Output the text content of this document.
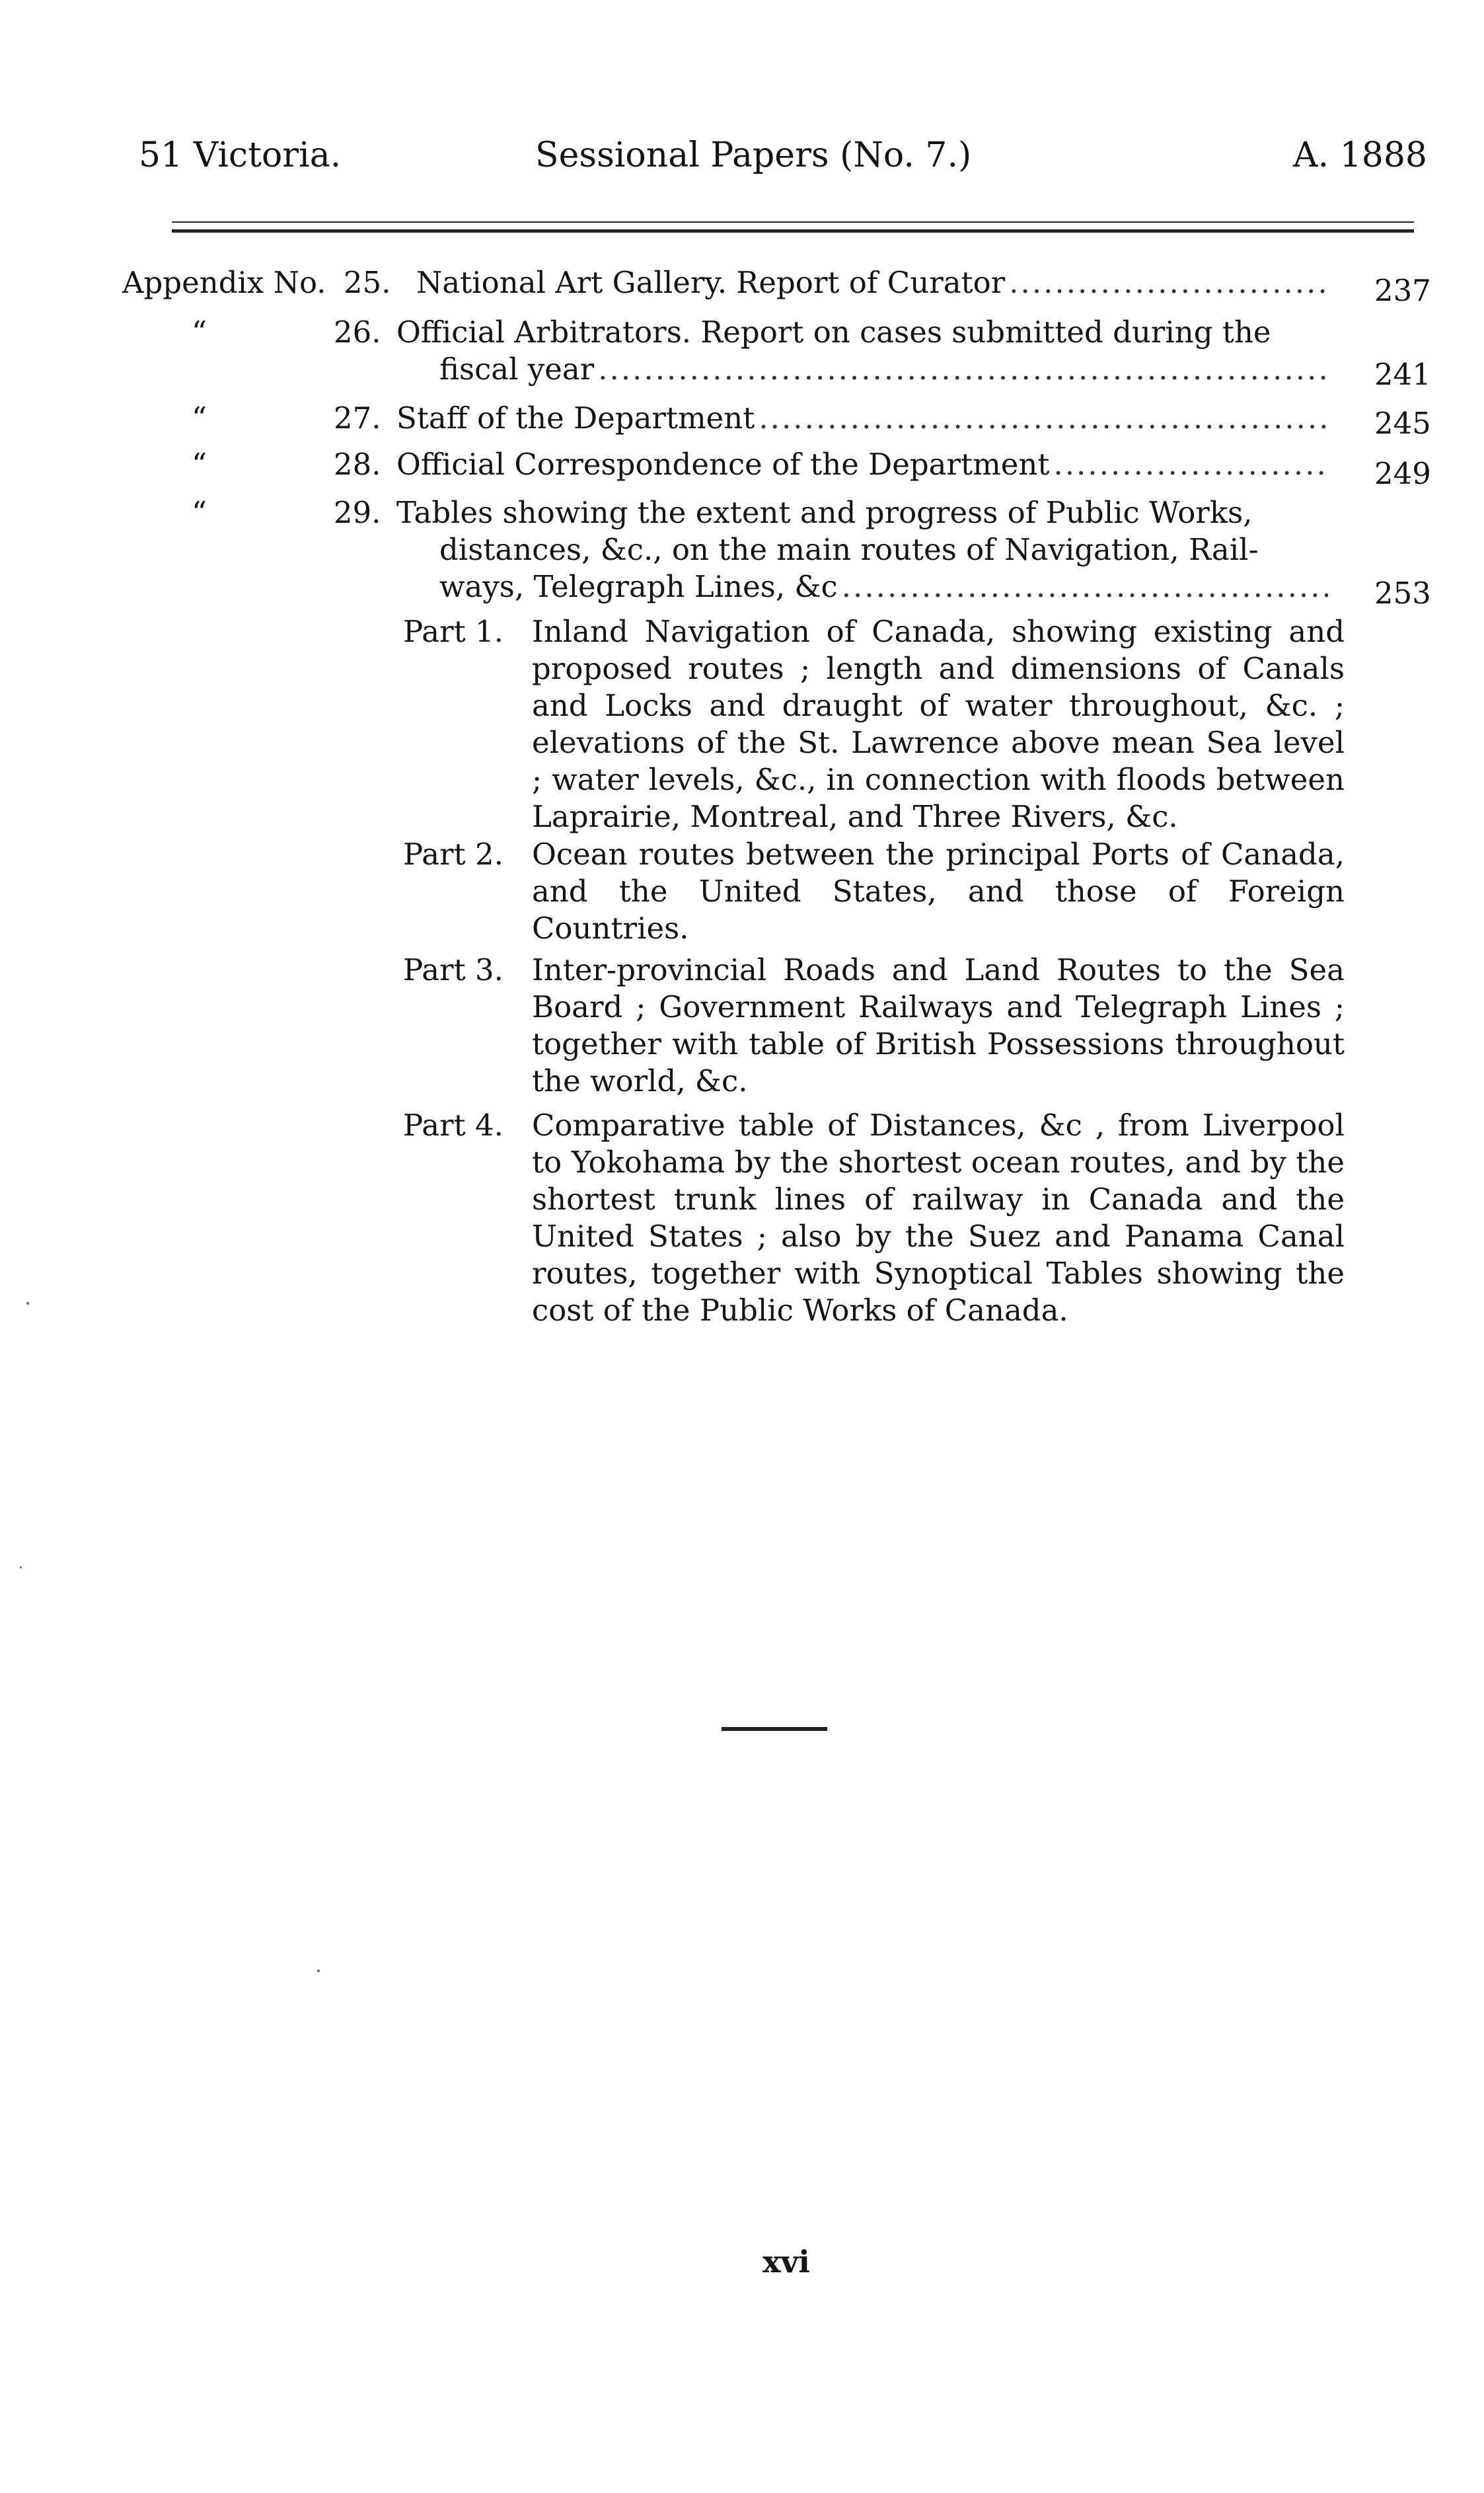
51 Victoria.	Sessional Papers (No. 7.)	A. 1888
Appendix No. 25. National Art Gallery. Report of Curator .....	237
“	26. Official Arbitrators. Report on cases submitted during the
fiscal year .....	241
“	27. Staff of the Department .....	245
“	28. Official Correspondence of the Department .....	249
“	29. Tables showing the extent and progress of Public Works,
distances, &c., on the main routes of Navigation, Rail-
ways, Telegraph Lines, &c .....	253
Part 1. Inland Navigation of Canada, showing existing and proposed routes ; length and dimensions of Canals and Locks and draught of water throughout, &c. ; elevations of the St. Lawrence above mean Sea level ; water levels, &c., in connection with floods between Laprairie, Montreal, and Three Rivers, &c.
Part 2. Ocean routes between the principal Ports of Canada, and the United States, and those of Foreign Countries.
Part 3. Inter-provincial Roads and Land Routes to the Sea Board ; Government Railways and Telegraph Lines ; together with table of British Possessions throughout the world, &c.
Part 4. Comparative table of Distances, &c , from Liverpool to Yokohama by the shortest ocean routes, and by the shortest trunk lines of railway in Canada and the United States ; also by the Suez and Panama Canal routes, together with Synoptical Tables showing the cost of the Public Works of Canada.
xvi
